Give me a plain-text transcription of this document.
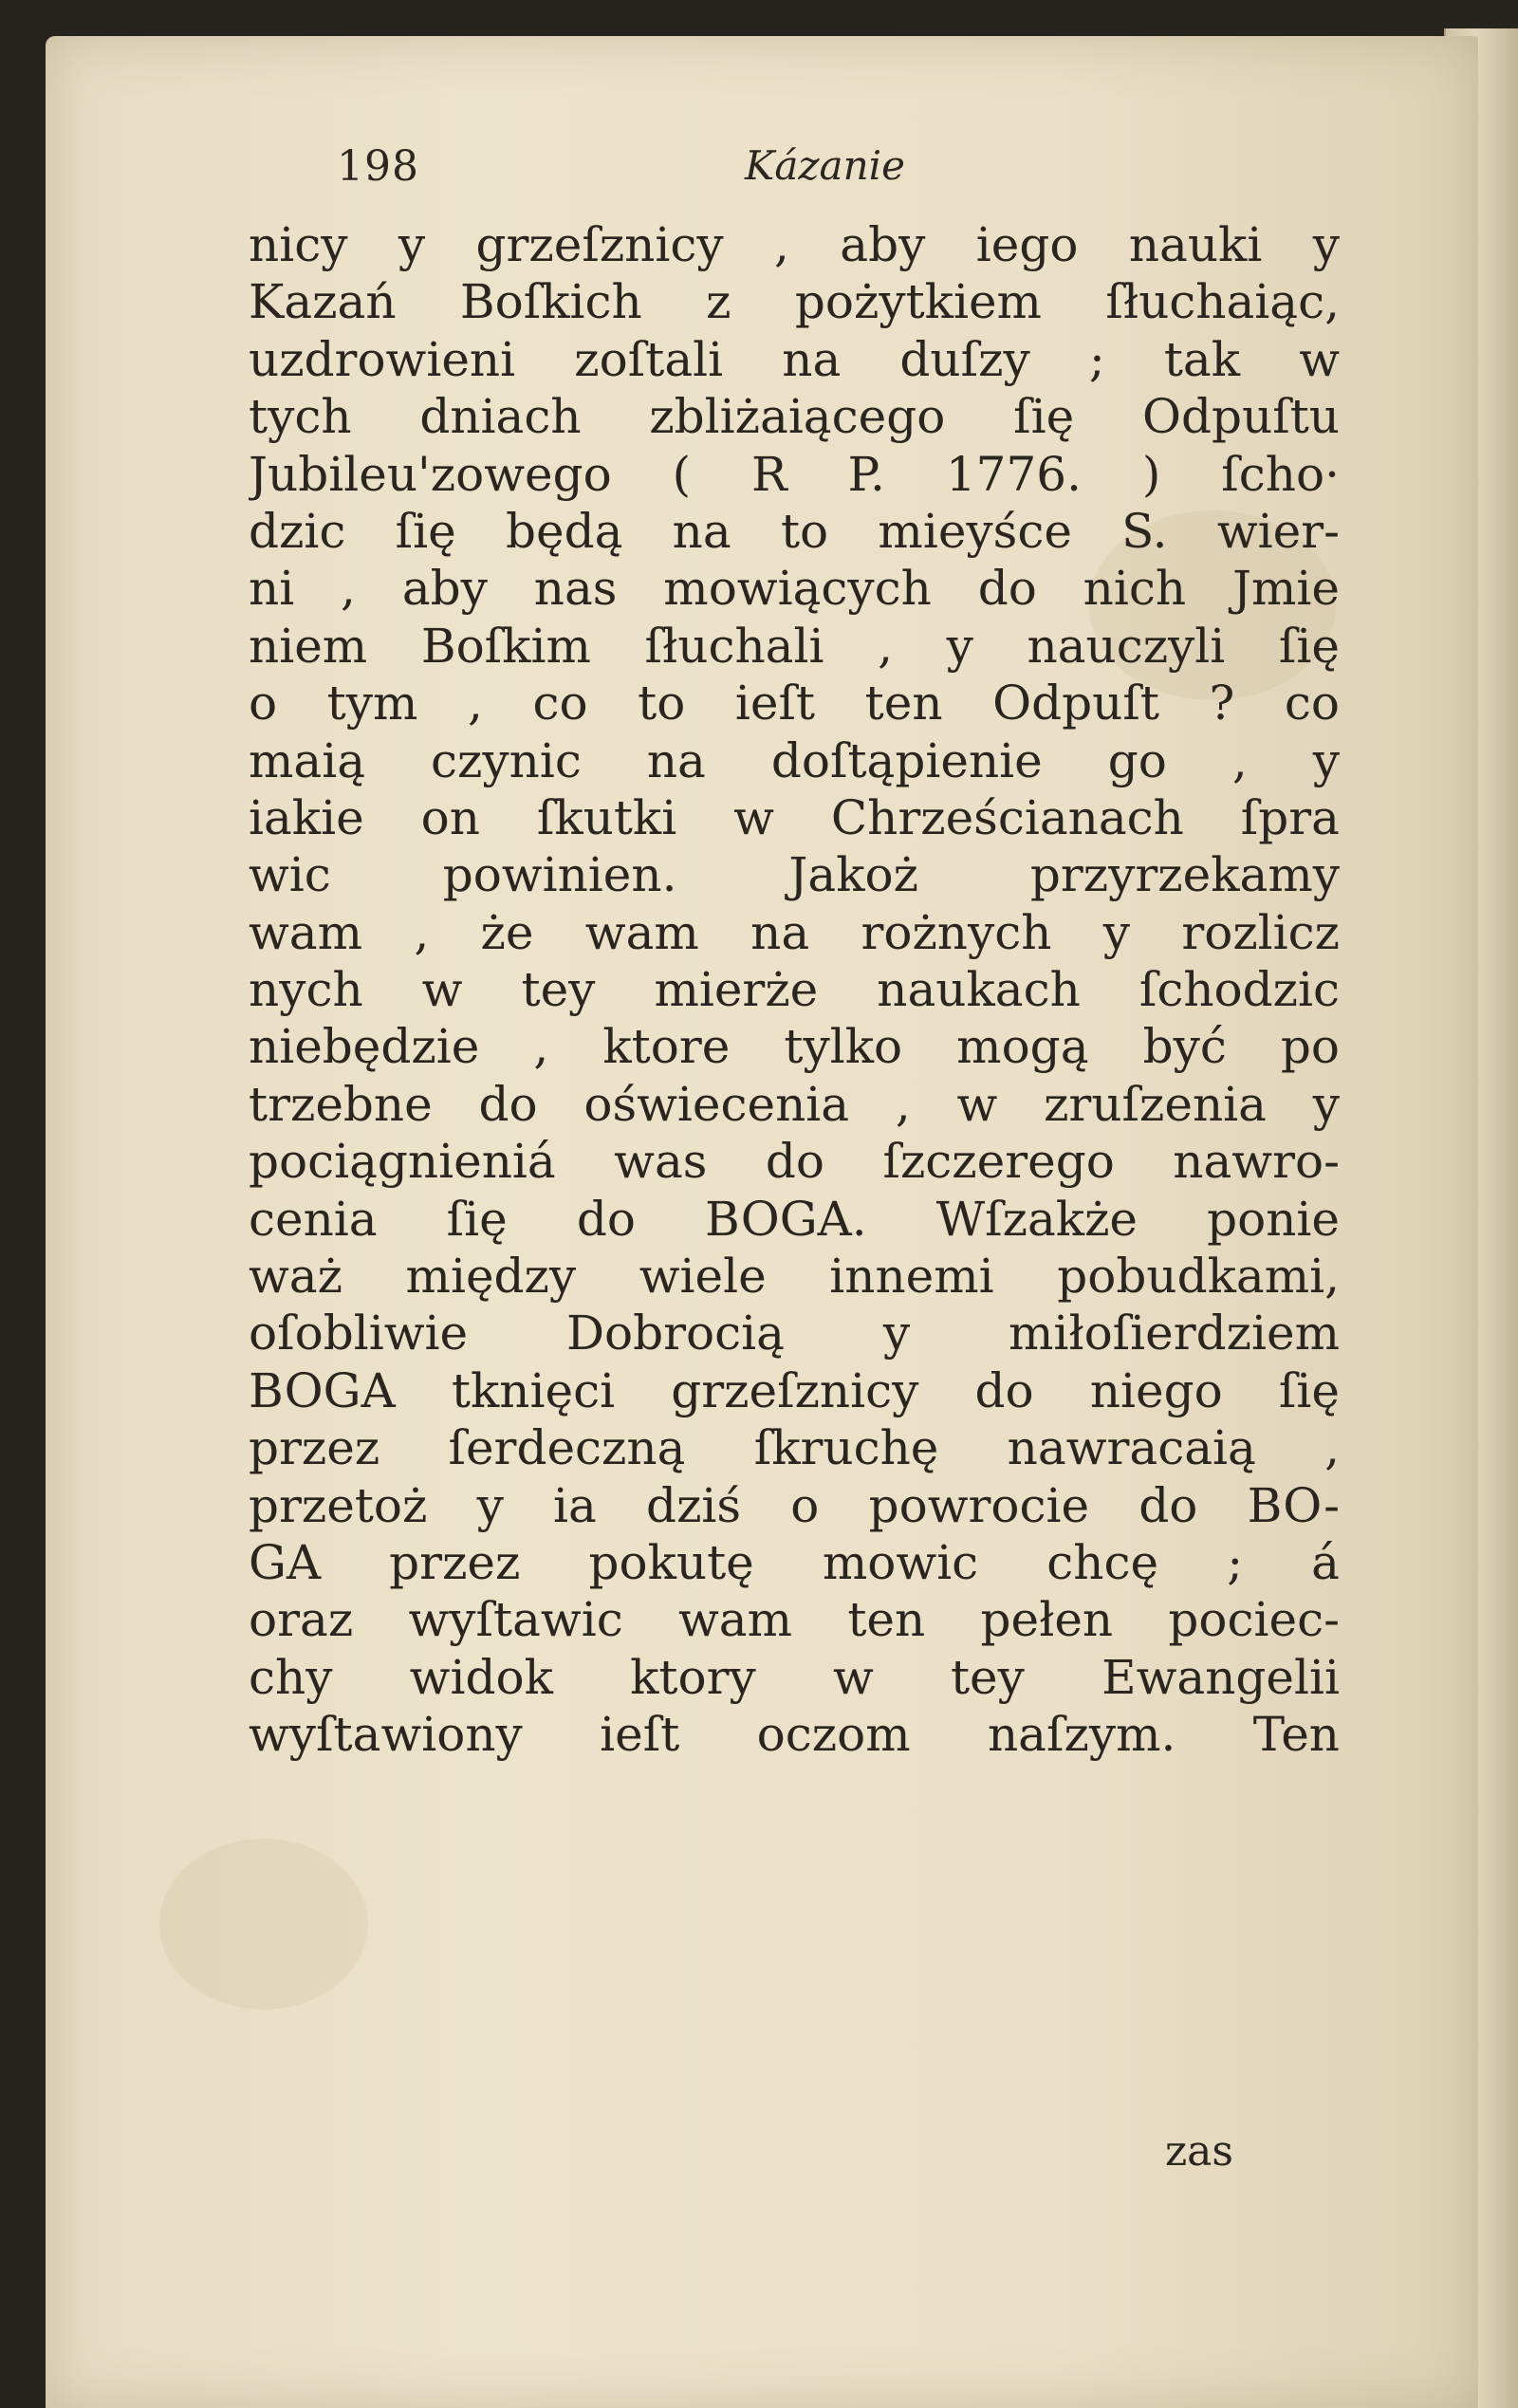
198	Kázanie
nicy y grzeſznicy , aby iego nauki y
Kazań Boſkich z pożytkiem ſłuchaiąc,
uzdrowieni zoſtali na duſzy ; tak w
tych dniach zbliżaiącego ſię Odpuſtu
Jubileu'zowego ( R P. 1776. ) ſcho·
dzic ſię będą na to mieyśce S. wier-
ni , aby nas mowiących do nich Jmie
niem Boſkim ſłuchali , y nauczyli ſię
o tym , co to ieſt ten Odpuſt ? co
maią czynic na doſtąpienie go , y
iakie on ſkutki w Chrześcianach ſpra
wic powinien. Jakoż przyrzekamy
wam , że wam na rożnych y rozlicz
nych w tey mierże naukach ſchodzic
niebędzie , ktore tylko mogą być po
trzebne do oświecenia , w zruſzenia y
pociągnieniá was do ſzczerego nawro-
cenia ſię do BOGA. Wſzakże ponie
waż między wiele innemi pobudkami,
oſobliwie Dobrocią y miłoſierdziem
BOGA tknięci grzeſznicy do niego ſię
przez ſerdeczną ſkruchę nawracaią ,
przetoż y ia dziś o powrocie do BO-
GA przez pokutę mowic chcę ; á
oraz wyſtawic wam ten pełen pociec-
chy widok ktory w tey Ewangelii
wyſtawiony ieſt oczom naſzym. Ten
zas
